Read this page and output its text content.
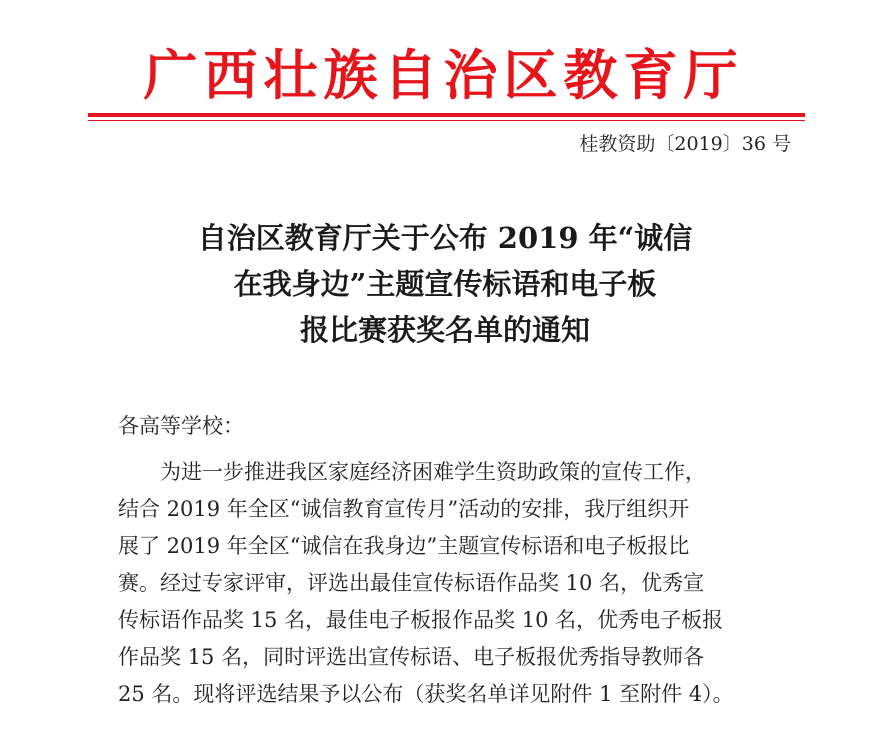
广西壮族自治区教育厅
桂教资助〔2019〕36 号
自治区教育厅关于公布 2019 年“诚信
在我身边”主题宣传标语和电子板
报比赛获奖名单的通知

各高等学校：

　　为进一步推进我区家庭经济困难学生资助政策的宣传工作，
结合 2019 年全区“诚信教育宣传月”活动的安排，我厅组织开
展了 2019 年全区“诚信在我身边”主题宣传标语和电子板报比
赛。经过专家评审，评选出最佳宣传标语作品奖 10 名，优秀宣
传标语作品奖 15 名，最佳电子板报作品奖 10 名，优秀电子板报
作品奖 15 名，同时评选出宣传标语、电子板报优秀指导教师各
25 名。现将评选结果予以公布（获奖名单详见附件 1 至附件 4）。
